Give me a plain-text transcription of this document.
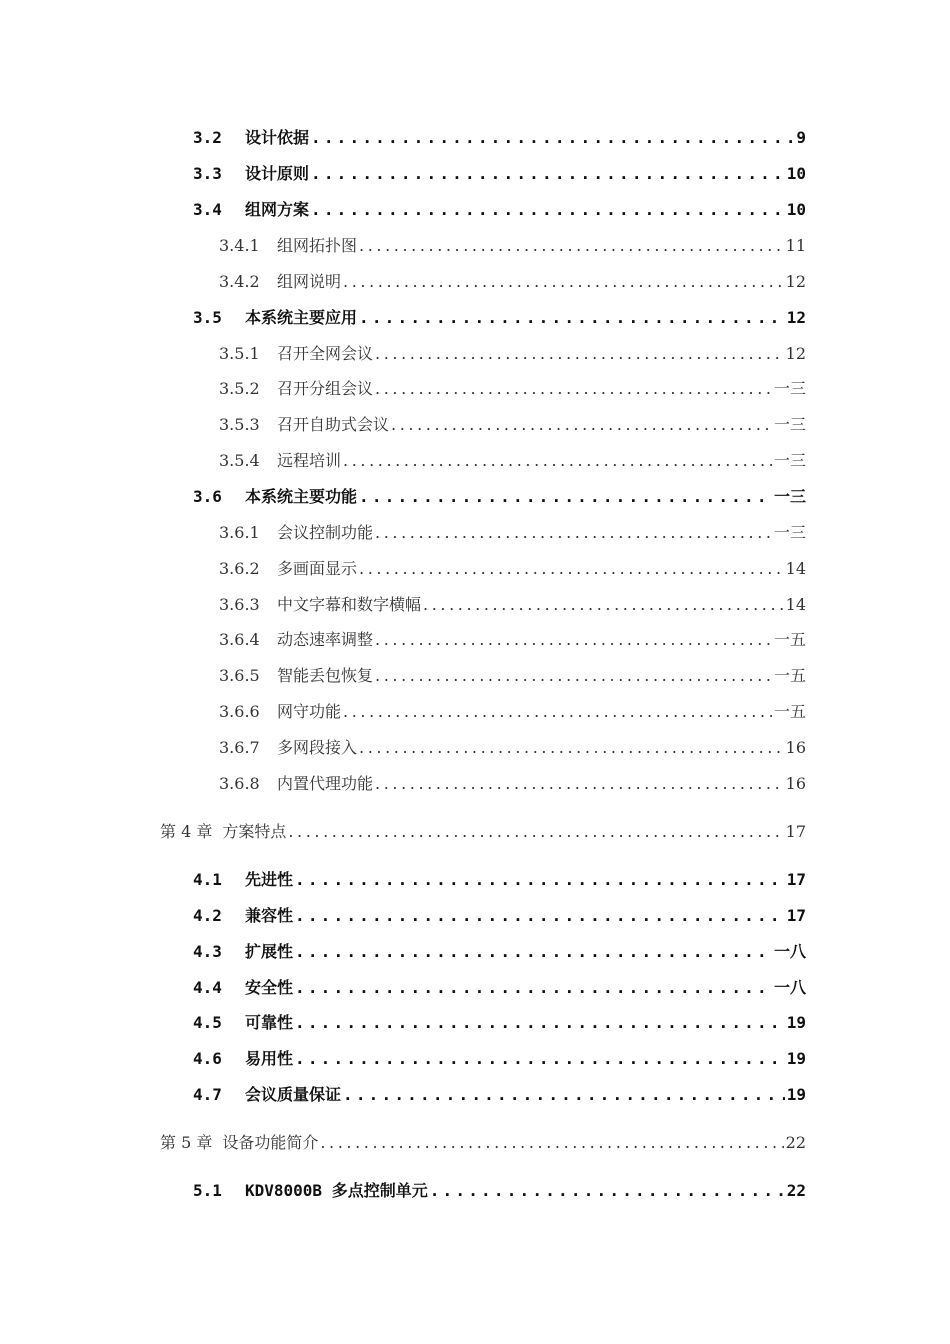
3.2	设计依据 .....	9
3.3	设计原则 .....	10
3.4	组网方案 .....	10
3.4.1	组网拓扑图 .....	11
3.4.2	组网说明 .....	12
3.5	本系统主要应用 .....	12
3.5.1	召开全网会议 .....	12
3.5.2	召开分组会议 .....	一三
3.5.3	召开自助式会议 .....	一三
3.5.4	远程培训 .....	一三
3.6	本系统主要功能 .....	一三
3.6.1	会议控制功能 .....	一三
3.6.2	多画面显示 .....	14
3.6.3	中文字幕和数字横幅 .....	14
3.6.4	动态速率调整 .....	一五
3.6.5	智能丢包恢复 .....	一五
3.6.6	网守功能 .....	一五
3.6.7	多网段接入 .....	16
3.6.8	内置代理功能 .....	16
第 4 章 方案特点 .....	17
4.1	先进性 .....	17
4.2	兼容性 .....	17
4.3	扩展性 .....	一八
4.4	安全性 .....	一八
4.5	可靠性 .....	19
4.6	易用性 .....	19
4.7	会议质量保证 .....	19
第 5 章 设备功能简介 .....	22
5.1	KDV8000B 多点控制单元 .....	22
